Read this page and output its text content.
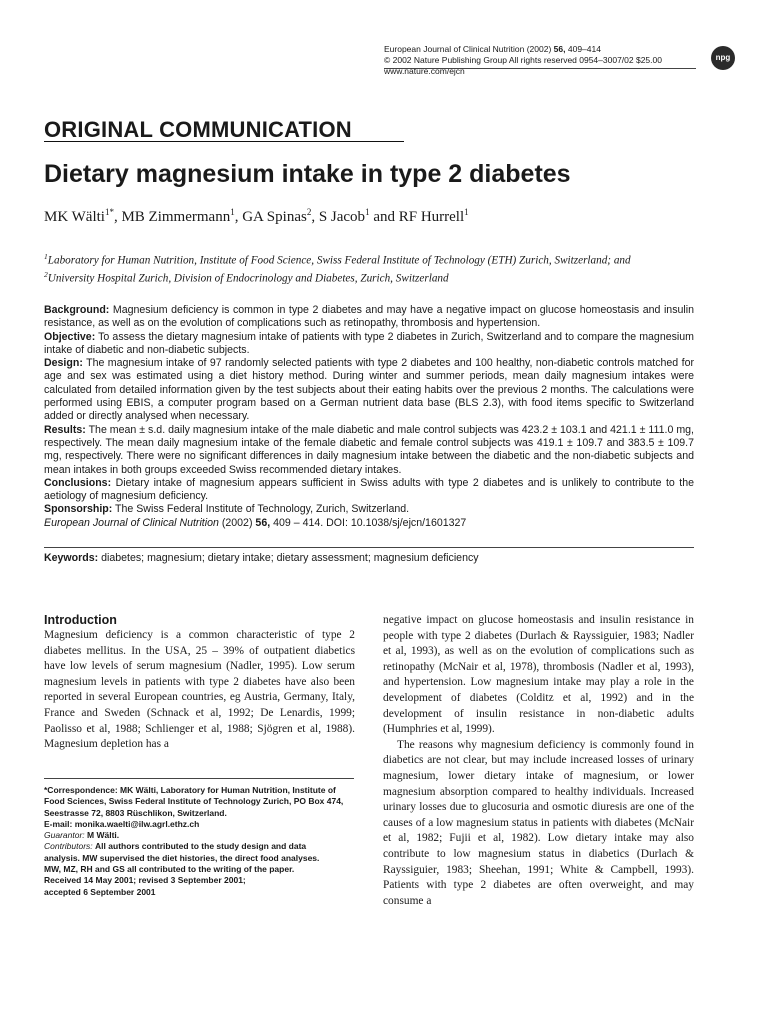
European Journal of Clinical Nutrition (2002) 56, 409–414
© 2002 Nature Publishing Group All rights reserved 0954–3007/02 $25.00
www.nature.com/ejcn
npg
ORIGINAL COMMUNICATION
Dietary magnesium intake in type 2 diabetes
MK Wälti$^{1*}$, MB Zimmermann$^1$, GA Spinas$^2$, S Jacob$^1$ and RF Hurrell$^1$
$^1$Laboratory for Human Nutrition, Institute of Food Science, Swiss Federal Institute of Technology (ETH) Zurich, Switzerland; and
$^2$University Hospital Zurich, Division of Endocrinology and Diabetes, Zurich, Switzerland

Background: Magnesium deficiency is common in type 2 diabetes and may have a negative impact on glucose homeostasis and insulin resistance, as well as on the evolution of complications such as retinopathy, thrombosis and hypertension.

Objective: To assess the dietary magnesium intake of patients with type 2 diabetes in Zurich, Switzerland and to compare the magnesium intake of diabetic and non-diabetic subjects.

Design: The magnesium intake of 97 randomly selected patients with type 2 diabetes and 100 healthy, non-diabetic controls matched for age and sex was estimated using a diet history method. During winter and summer periods, mean daily magnesium intakes were calculated from detailed information given by the test subjects about their eating habits over the previous 2 months. The calculations were performed using EBIS, a computer program based on a German nutrient data base (BLS 2.3), with food items specific to Switzerland added or directly analysed when necessary.

Results: The mean ± s.d. daily magnesium intake of the male diabetic and male control subjects was 423.2 ± 103.1 and 421.1 ± 111.0 mg, respectively. The mean daily magnesium intake of the female diabetic and female control subjects was 419.1 ± 109.7 and 383.5 ± 109.7 mg, respectively. There were no significant differences in daily magnesium intake between the diabetic and the non-diabetic subjects and mean intakes in both groups exceeded Swiss recommended dietary intakes.

Conclusions: Dietary intake of magnesium appears sufficient in Swiss adults with type 2 diabetes and is unlikely to contribute to the aetiology of magnesium deficiency.

Sponsorship: The Swiss Federal Institute of Technology, Zurich, Switzerland.

European Journal of Clinical Nutrition (2002) 56, 409 – 414. DOI: 10.1038/sj/ejcn/1601327

Keywords: diabetes; magnesium; dietary intake; dietary assessment; magnesium deficiency
Introduction

Magnesium deficiency is a common characteristic of type 2 diabetes mellitus. In the USA, 25 – 39% of outpatient diabetics have low levels of serum magnesium (Nadler, 1995). Low serum magnesium levels in patients with type 2 diabetes have also been reported in several European countries, eg Austria, Germany, Italy, France and Sweden (Schnack et al, 1992; De Lenardis, 1999; Paolisso et al, 1988; Schlienger et al, 1988; Sjögren et al, 1988). Magnesium depletion has a

negative impact on glucose homeostasis and insulin resistance in people with type 2 diabetes (Durlach & Rayssiguier, 1983; Nadler et al, 1993), as well as on the evolution of complications such as retinopathy (McNair et al, 1978), thrombosis (Nadler et al, 1993), and hypertension. Low magnesium intake may play a role in the development of diabetes (Colditz et al, 1992) and in the development of insulin resistance in non-diabetic adults (Humphries et al, 1999).

The reasons why magnesium deficiency is commonly found in diabetics are not clear, but may include increased losses of urinary magnesium, lower dietary intake of magnesium, or lower magnesium absorption compared to healthy individuals. Increased urinary losses due to glucosuria and osmotic diuresis are one of the causes of a low magnesium status in patients with diabetes (McNair et al, 1982; Fujii et al, 1982). Low dietary intake may also contribute to low magnesium status in diabetics (Durlach & Rayssiguier, 1983; Sheehan, 1991; White & Campbell, 1993). Patients with type 2 diabetes are often overweight, and may consume a

*Correspondence: MK Wälti, Laboratory for Human Nutrition, Institute of
Food Sciences, Swiss Federal Institute of Technology Zurich, PO Box 474,
Seestrasse 72, 8803 Rüschlikon, Switzerland.
E-mail: monika.waelti@ilw.agrl.ethz.ch
Guarantor: M Wälti.
Contributors: All authors contributed to the study design and data
analysis. MW supervised the diet histories, the direct food analyses.
MW, MZ, RH and GS all contributed to the writing of the paper.
Received 14 May 2001; revised 3 September 2001;
accepted 6 September 2001
